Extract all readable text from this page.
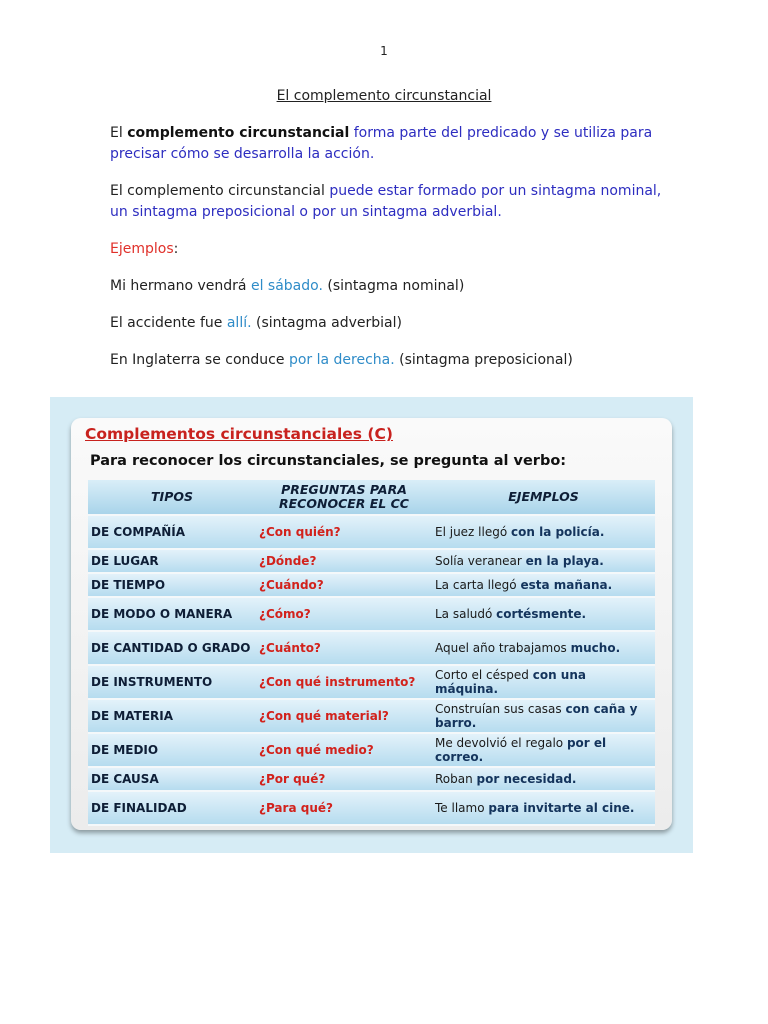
1
El complemento circunstancial

El complemento circunstancial forma parte del predicado y se utiliza para precisar cómo se desarrolla la acción.

El complemento circunstancial puede estar formado por un sintagma nominal, un sintagma preposicional o por un sintagma adverbial.

Ejemplos:

Mi hermano vendrá el sábado. (sintagma nominal)

El accidente fue allí. (sintagma adverbial)

En Inglaterra se conduce por la derecha. (sintagma preposicional)

Complementos circunstanciales (C)

Para reconocer los circunstanciales, se pregunta al verbo:

TIPOS	PREGUNTAS PARA RECONOCER EL CC	EJEMPLOS
DE COMPAÑÍA	¿Con quién?	El juez llegó con la policía.
DE LUGAR	¿Dónde?	Solía veranear en la playa.
DE TIEMPO	¿Cuándo?	La carta llegó esta mañana.
DE MODO O MANERA	¿Cómo?	La saludó cortésmente.
DE CANTIDAD O GRADO	¿Cuánto?	Aquel año trabajamos mucho.
DE INSTRUMENTO	¿Con qué instrumento?	Corto el césped con una máquina.
DE MATERIA	¿Con qué material?	Construían sus casas con caña y barro.
DE MEDIO	¿Con qué medio?	Me devolvió el regalo por el correo.
DE CAUSA	¿Por qué?	Roban por necesidad.
DE FINALIDAD	¿Para qué?	Te llamo para invitarte al cine.
